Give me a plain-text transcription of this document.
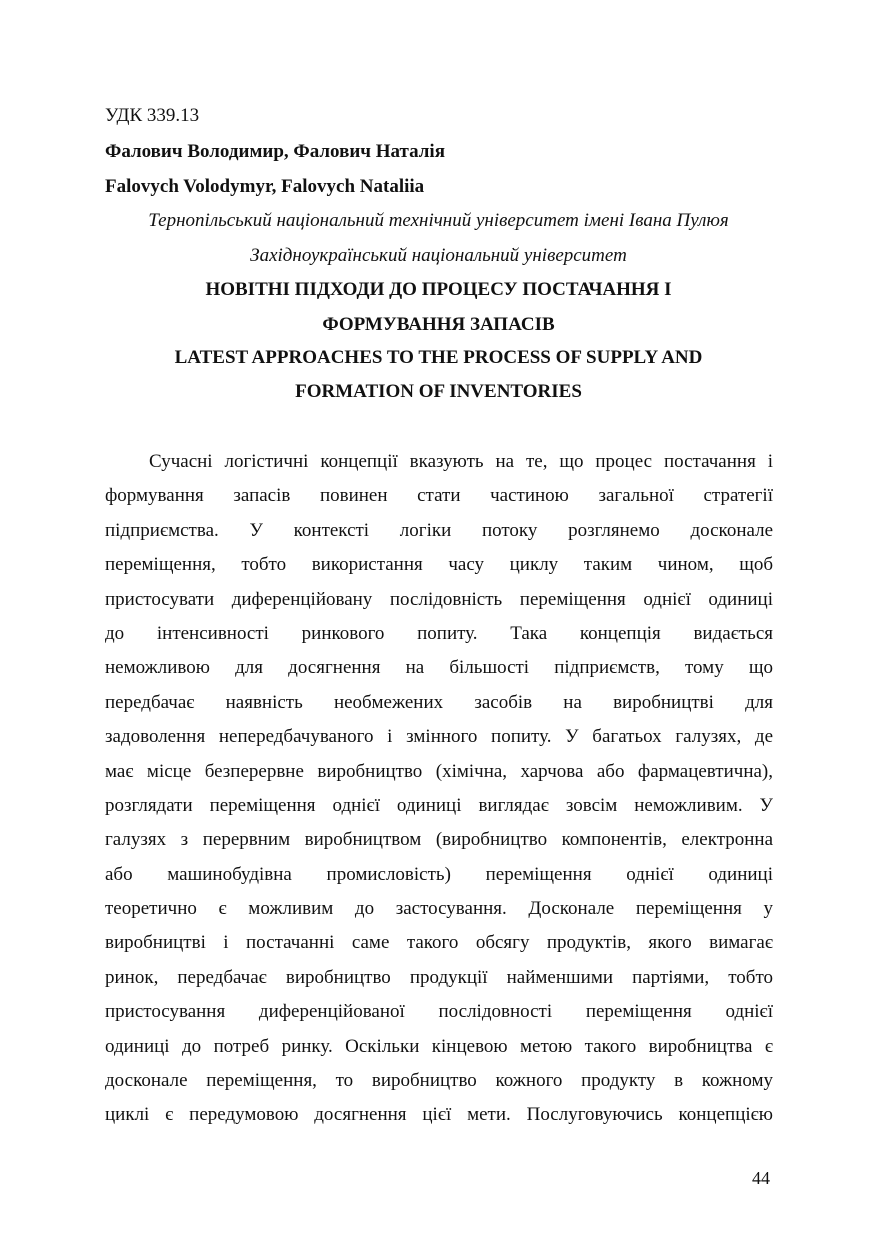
УДК 339.13
Фалович Володимир, Фалович Наталія
Falovych Volodymyr, Falovych Nataliia
Тернопільський національний технічний університет імені Івана Пулюя
Західноукраїнський національний університет
НОВІТНІ ПІДХОДИ ДО ПРОЦЕСУ ПОСТАЧАННЯ І
ФОРМУВАННЯ ЗАПАСІВ
LATEST APPROACHES TO THE PROCESS OF SUPPLY AND
FORMATION OF INVENTORIES
Сучасні логістичні концепції вказують на те, що процес постачання і
формування запасів повинен стати частиною загальної стратегії
підприємства. У контексті логіки потоку розглянемо досконале
переміщення, тобто використання часу циклу таким чином, щоб
пристосувати диференційовану послідовність переміщення однієї одиниці
до інтенсивності ринкового попиту. Така концепція видається
неможливою для досягнення на більшості підприємств, тому що
передбачає наявність необмежених засобів на виробництві для
задоволення непередбачуваного і змінного попиту. У багатьох галузях, де
має місце безперервне виробництво (хімічна, харчова або фармацевтична),
розглядати переміщення однієї одиниці виглядає зовсім неможливим. У
галузях з перервним виробництвом (виробництво компонентів, електронна
або машинобудівна промисловість) переміщення однієї одиниці
теоретично є можливим до застосування. Досконале переміщення у
виробництві і постачанні саме такого обсягу продуктів, якого вимагає
ринок, передбачає виробництво продукції найменшими партіями, тобто
пристосування диференційованої послідовності переміщення однієї
одиниці до потреб ринку. Оскільки кінцевою метою такого виробництва є
досконале переміщення, то виробництво кожного продукту в кожному
циклі є передумовою досягнення цієї мети. Послуговуючись концепцією
44
